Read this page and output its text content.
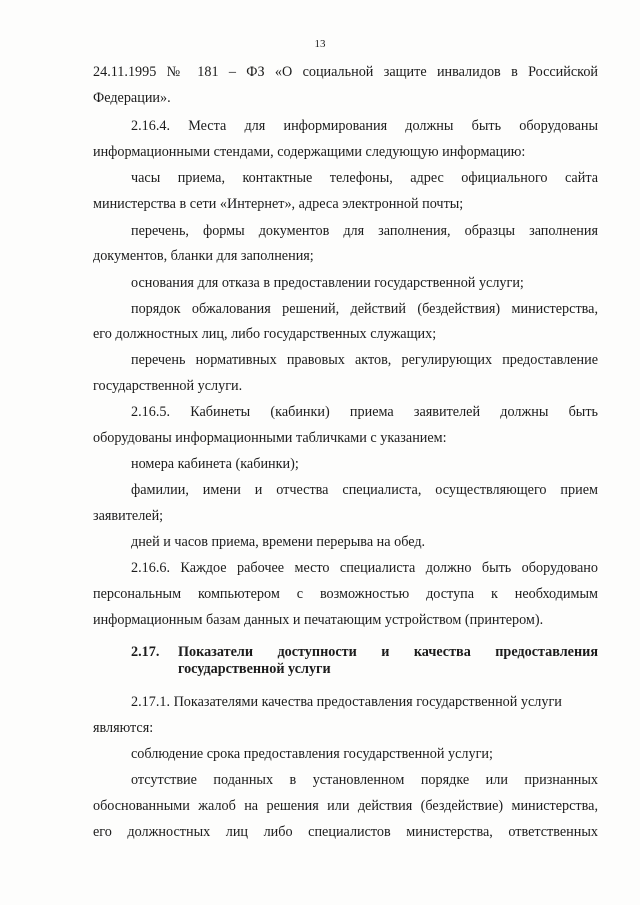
13
24.11.1995 № 181 – ФЗ «О социальной защите инвалидов в Российской
Федерации».
2.16.4. Места для информирования должны быть оборудованы
информационными стендами, содержащими следующую информацию:
часы приема, контактные телефоны, адрес официального сайта
министерства в сети «Интернет», адреса электронной почты;
перечень, формы документов для заполнения, образцы заполнения
документов, бланки для заполнения;
основания для отказа в предоставлении государственной услуги;
порядок обжалования решений, действий (бездействия) министерства,
его должностных лиц, либо государственных служащих;
перечень нормативных правовых актов, регулирующих предоставление
государственной услуги.
2.16.5. Кабинеты (кабинки) приема заявителей должны быть
оборудованы информационными табличками с указанием:
номера кабинета (кабинки);
фамилии, имени и отчества специалиста, осуществляющего прием
заявителей;
дней и часов приема, времени перерыва на обед.
2.16.6. Каждое рабочее место специалиста должно быть оборудовано
персональным компьютером с возможностью доступа к необходимым
информационным базам данных и печатающим устройством (принтером).
2.17. Показатели доступности и качества предоставления
государственной услуги
2.17.1. Показателями качества предоставления государственной услуги
являются:
соблюдение срока предоставления государственной услуги;
отсутствие поданных в установленном порядке или признанных
обоснованными жалоб на решения или действия (бездействие) министерства,
его должностных лиц либо специалистов министерства, ответственных
